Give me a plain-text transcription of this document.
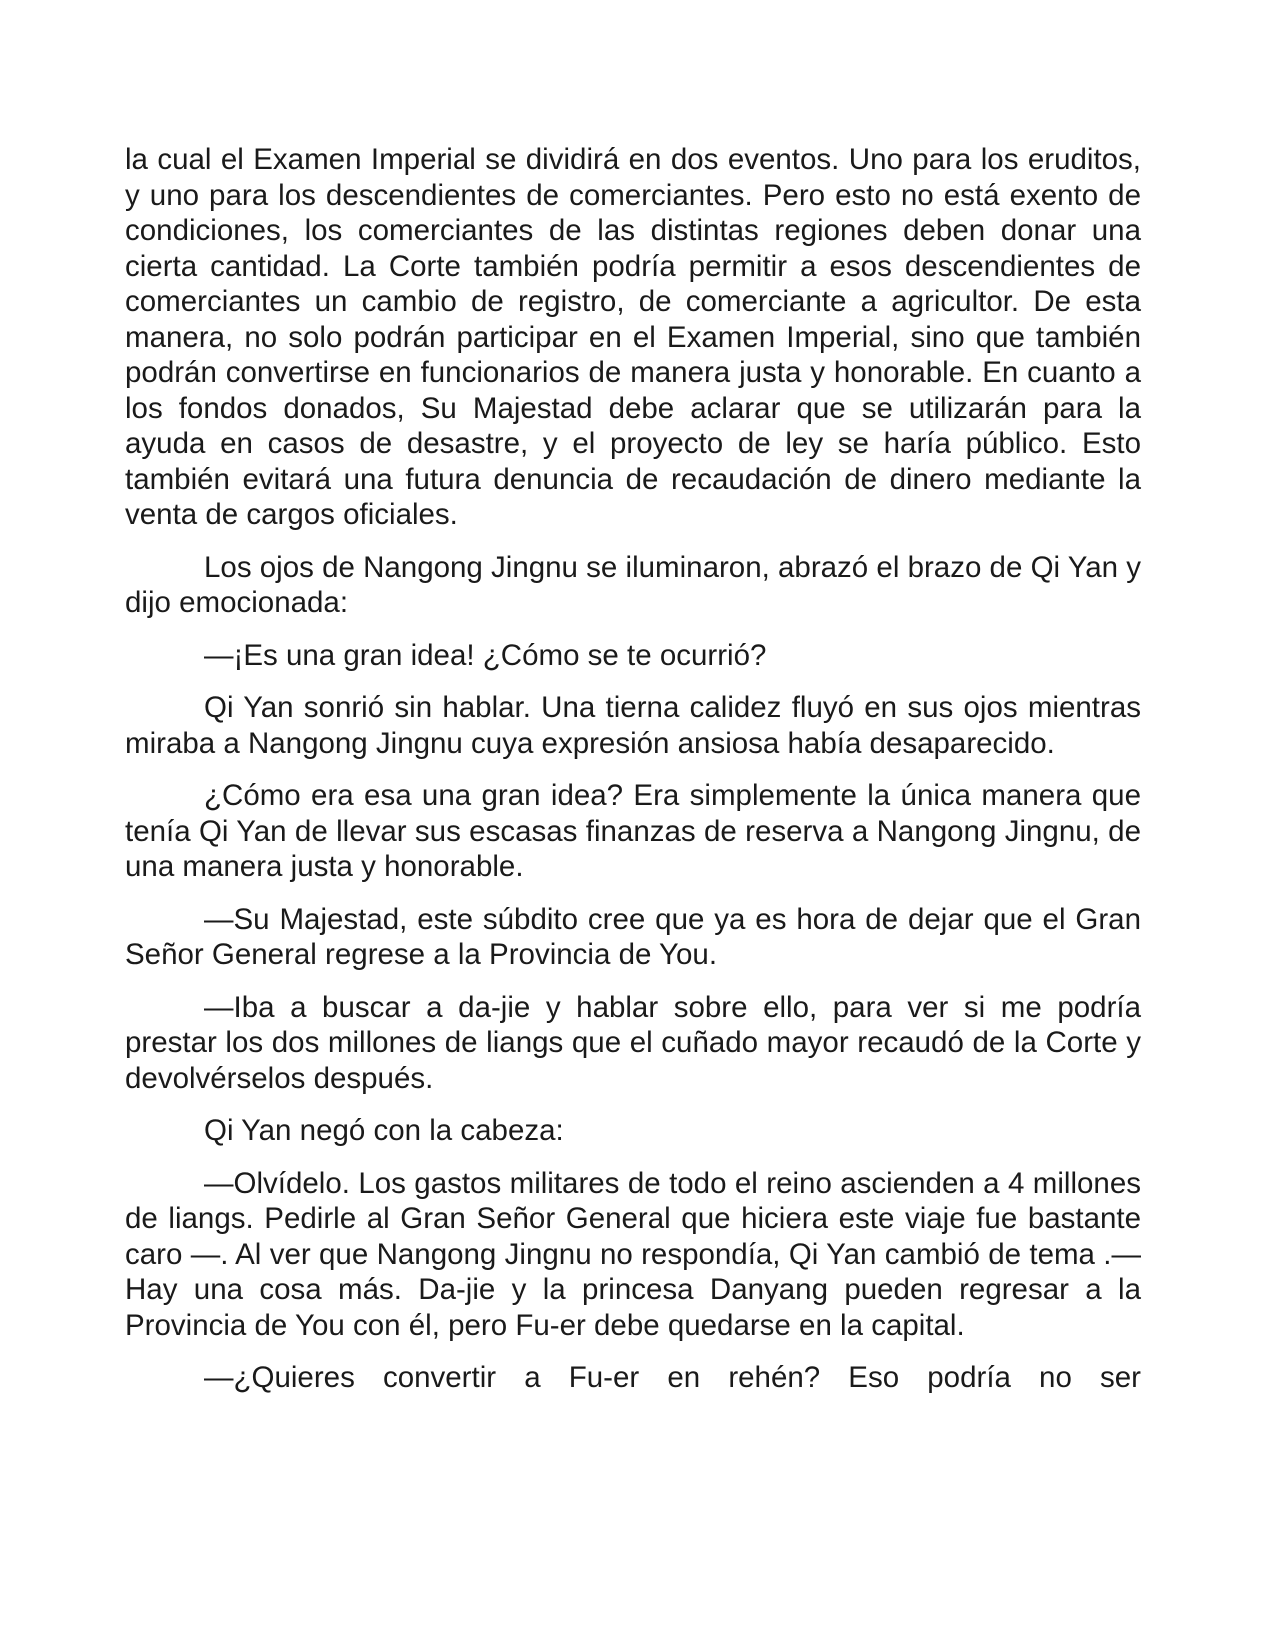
la cual el Examen Imperial se dividirá en dos eventos. Uno para los eruditos, y uno para los descendientes de comerciantes. Pero esto no está exento de condiciones, los comerciantes de las distintas regiones deben donar una cierta cantidad. La Corte también podría permitir a esos descendientes de comerciantes un cambio de registro, de comerciante a agricultor. De esta manera, no solo podrán participar en el Examen Imperial, sino que también podrán convertirse en funcionarios de manera justa y honorable. En cuanto a los fondos donados, Su Majestad debe aclarar que se utilizarán para la ayuda en casos de desastre, y el proyecto de ley se haría público. Esto también evitará una futura denuncia de recaudación de dinero mediante la venta de cargos oficiales.

Los ojos de Nangong Jingnu se iluminaron, abrazó el brazo de Qi Yan y dijo emocionada:

—¡Es una gran idea! ¿Cómo se te ocurrió?

Qi Yan sonrió sin hablar. Una tierna calidez fluyó en sus ojos mientras miraba a Nangong Jingnu cuya expresión ansiosa había desaparecido.

¿Cómo era esa una gran idea? Era simplemente la única manera que tenía Qi Yan de llevar sus escasas finanzas de reserva a Nangong Jingnu, de una manera justa y honorable.

—Su Majestad, este súbdito cree que ya es hora de dejar que el Gran Señor General regrese a la Provincia de You.

—Iba a buscar a da-jie y hablar sobre ello, para ver si me podría prestar los dos millones de liangs que el cuñado mayor recaudó de la Corte y devolvérselos después.

Qi Yan negó con la cabeza:

—Olvídelo. Los gastos militares de todo el reino ascienden a 4 millones de liangs. Pedirle al Gran Señor General que hiciera este viaje fue bastante caro —. Al ver que Nangong Jingnu no respondía, Qi Yan cambió de tema .—Hay una cosa más. Da-jie y la princesa Danyang pueden regresar a la Provincia de You con él, pero Fu-er debe quedarse en la capital.

—¿Quieres convertir a Fu-er en rehén? Eso podría no ser
